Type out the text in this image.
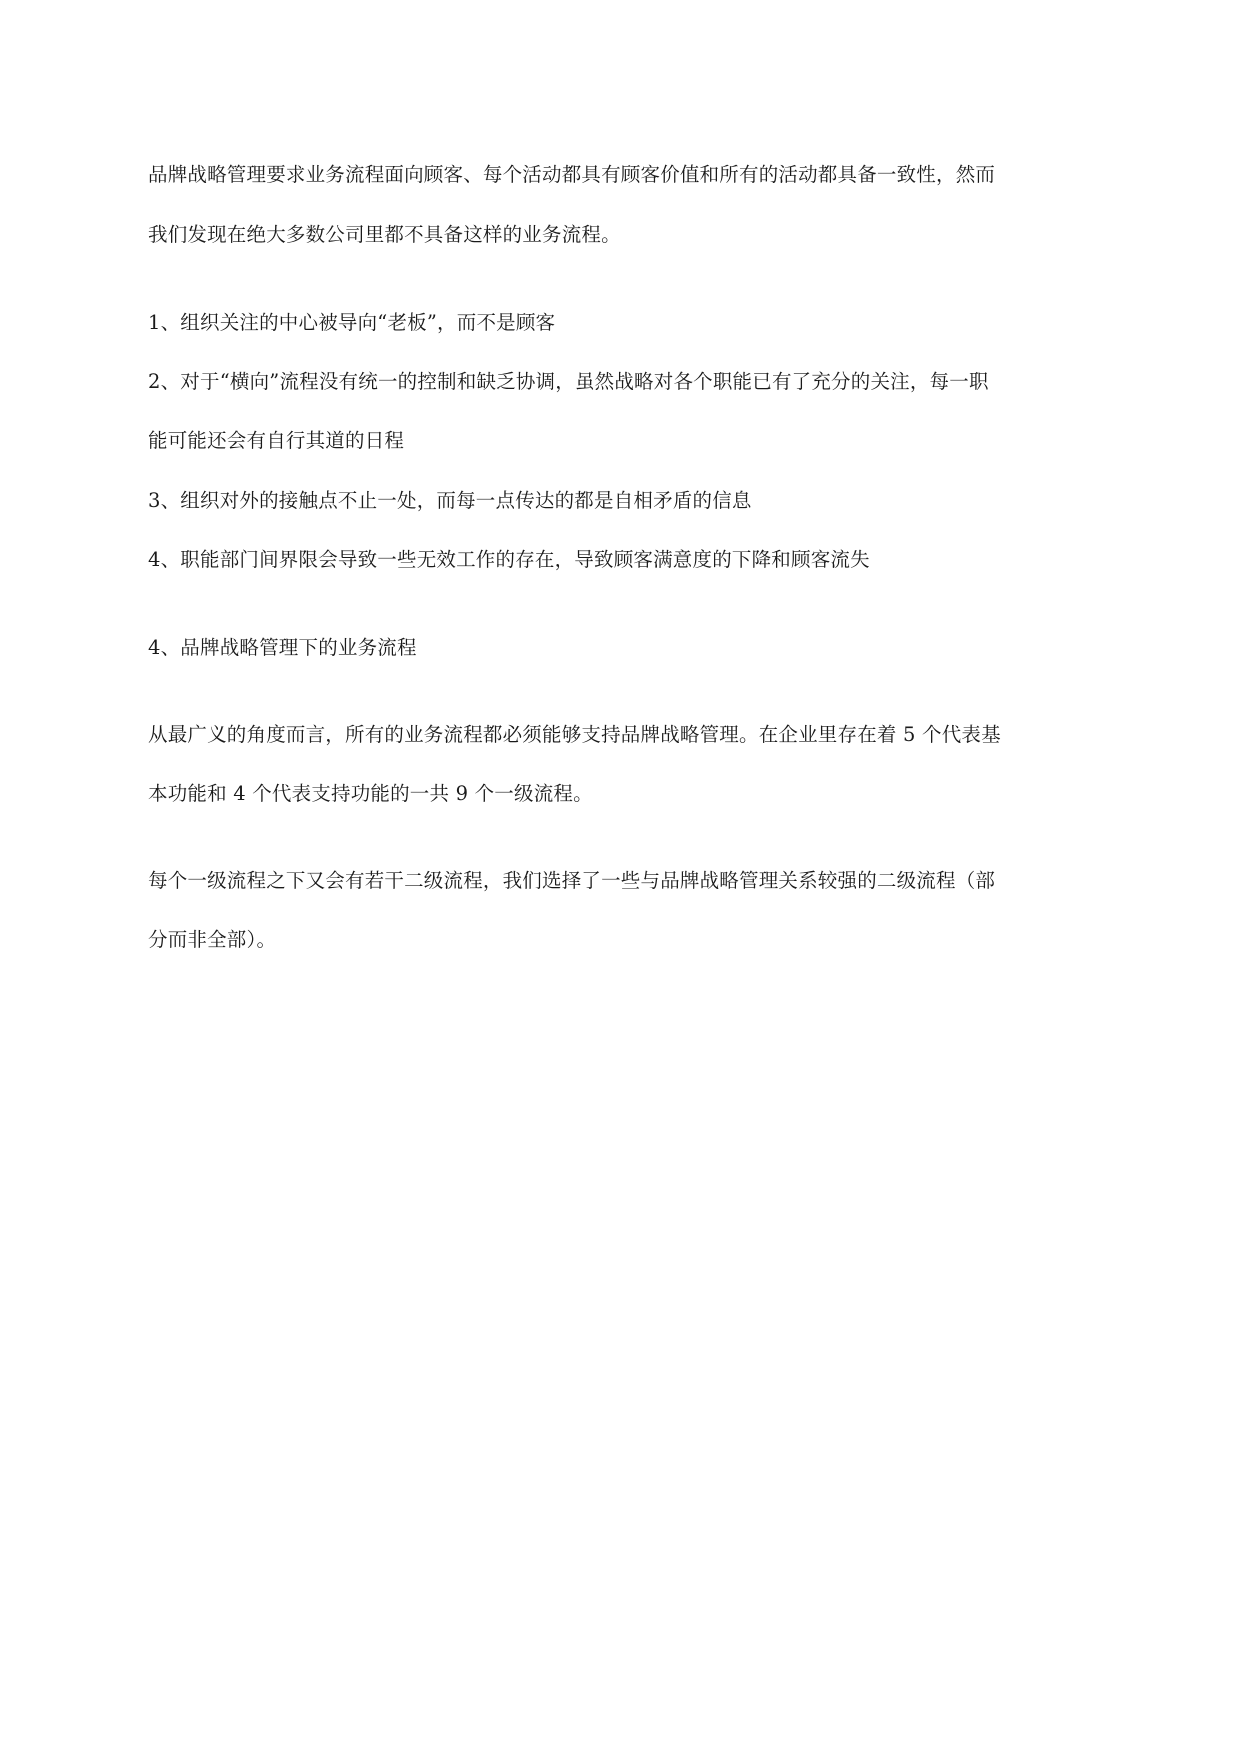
品牌战略管理要求业务流程面向顾客、每个活动都具有顾客价值和所有的活动都具备一致性，然而
我们发现在绝大多数公司里都不具备这样的业务流程。
1、组织关注的中心被导向“老板”，而不是顾客
2、对于“横向”流程没有统一的控制和缺乏协调，虽然战略对各个职能已有了充分的关注，每一职
能可能还会有自行其道的日程
3、组织对外的接触点不止一处，而每一点传达的都是自相矛盾的信息
4、职能部门间界限会导致一些无效工作的存在，导致顾客满意度的下降和顾客流失
4、品牌战略管理下的业务流程
从最广义的角度而言，所有的业务流程都必须能够支持品牌战略管理。在企业里存在着 5 个代表基
本功能和 4 个代表支持功能的一共 9 个一级流程。
每个一级流程之下又会有若干二级流程，我们选择了一些与品牌战略管理关系较强的二级流程（部
分而非全部）。
